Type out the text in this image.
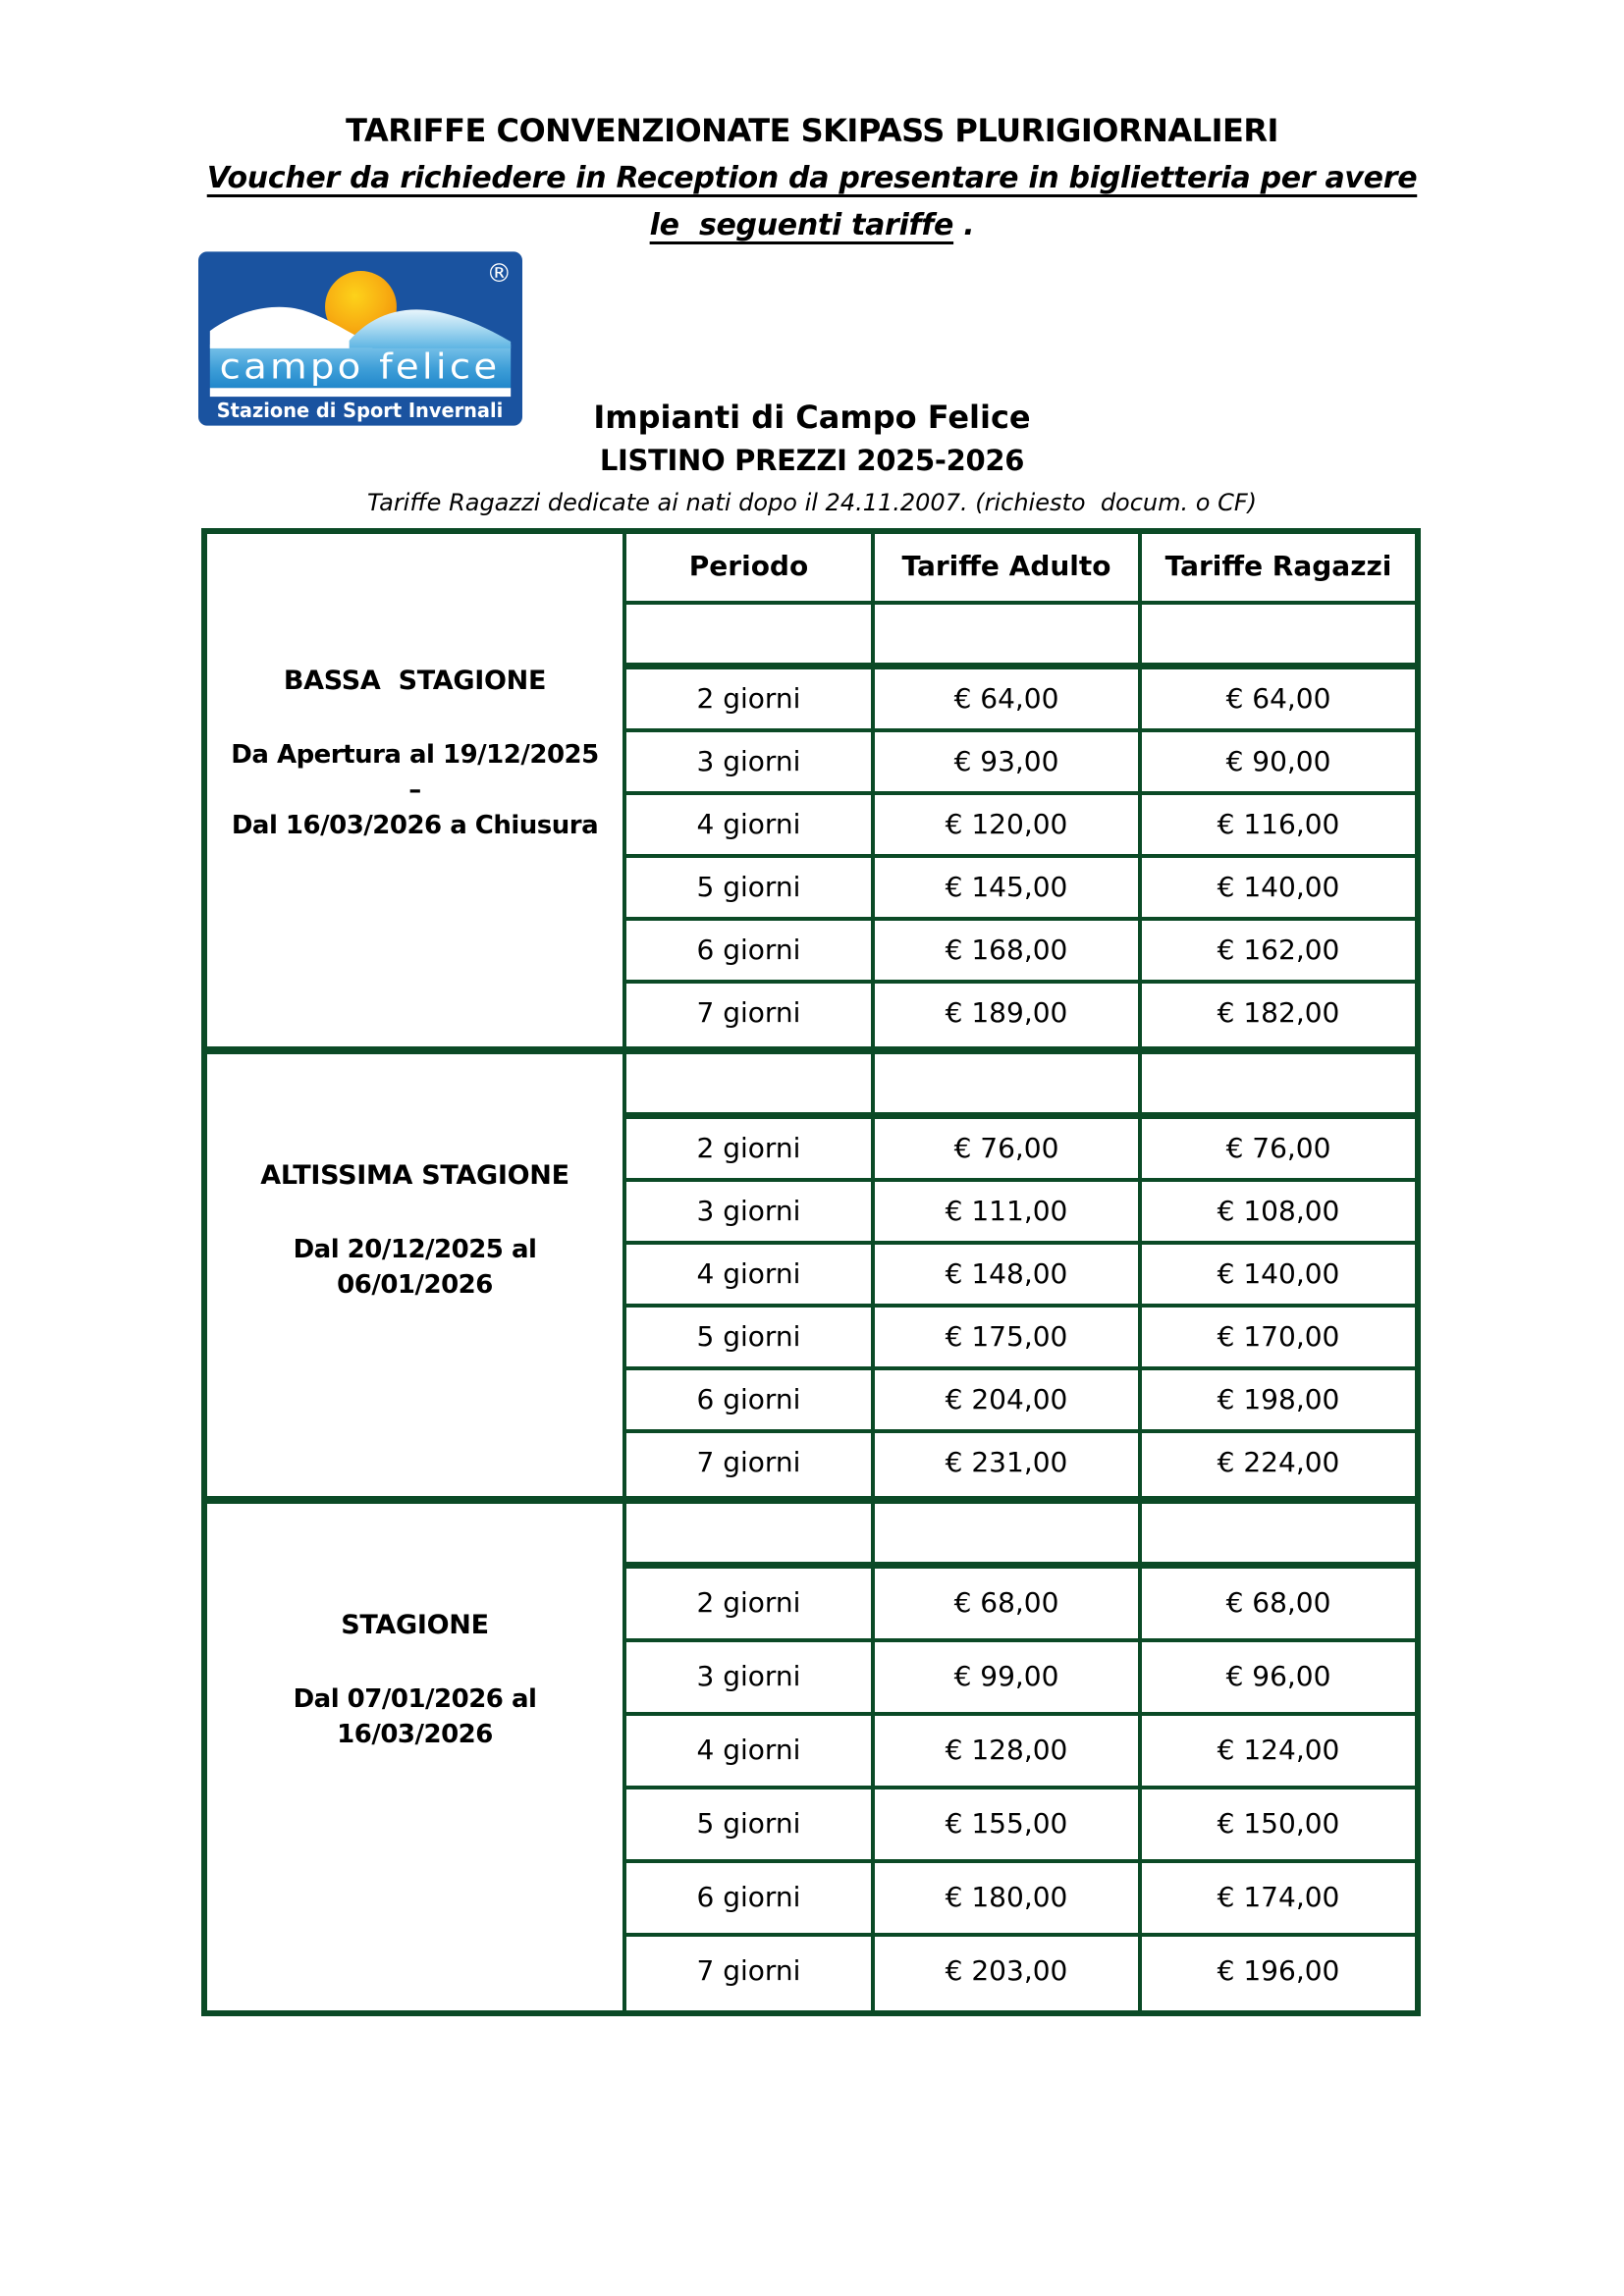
TARIFFE CONVENZIONATE SKIPASS PLURIGIORNALIERI
Voucher da richiedere in Reception da presentare in biglietteria per avere
le  seguenti tariffe .
campo felice
Stazione di Sport Invernali
®
Impianti di Campo Felice
LISTINO PREZZI 2025-2026
Tariffe Ragazzi dedicate ai nati dopo il 24.11.2007. (richiesto  docum. o CF)
BASSA  STAGIONE
Da Apertura al 19/12/2025
–
Dal 16/03/2026 a Chiusura
Periodo	Tariffe Adulto	Tariffe Ragazzi
2 giorni	€ 64,00	€ 64,00
3 giorni	€ 93,00	€ 90,00
4 giorni	€ 120,00	€ 116,00
5 giorni	€ 145,00	€ 140,00
6 giorni	€ 168,00	€ 162,00
7 giorni	€ 189,00	€ 182,00
ALTISSIMA STAGIONE
Dal 20/12/2025 al
06/01/2026
2 giorni	€ 76,00	€ 76,00
3 giorni	€ 111,00	€ 108,00
4 giorni	€ 148,00	€ 140,00
5 giorni	€ 175,00	€ 170,00
6 giorni	€ 204,00	€ 198,00
7 giorni	€ 231,00	€ 224,00
STAGIONE
Dal 07/01/2026 al
16/03/2026
2 giorni	€ 68,00	€ 68,00
3 giorni	€ 99,00	€ 96,00
4 giorni	€ 128,00	€ 124,00
5 giorni	€ 155,00	€ 150,00
6 giorni	€ 180,00	€ 174,00
7 giorni	€ 203,00	€ 196,00
